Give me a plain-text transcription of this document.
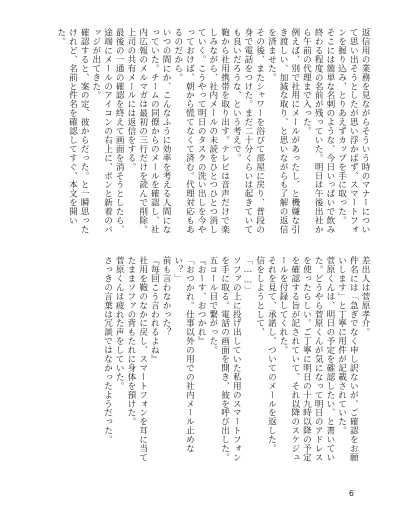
返信用の業務を見ながらそういう時のマナーについて思い出そうとしたが思い浮かばず、スマートフォンを握り込み、とりあえずカップを手に取った。
そこには簡単な名刺のような、今日いっぱいで飲み終わる程度の名前が残っていた。明日は午後出社から午前の代理まで入った。
例えば、別で社用にメールがあったし、と機嫌な引き渡しい、加減な取り、と思いながらも了解の返信を済ませた。
その後、またシャワーを浴びて部屋に戻り、普段の身で電話をつけた。まだ二十分くらいは起きていても良いだろうな、という考えで。
鞄から社用携帯を取り出す。テレビは音声だけで楽しみながら、社内メールの未読をひとつひとつ消していく。こうやって明日のタスクの洗い出しを今やっておけば、朝から慌てなくて済む。代理対応もあるのだから。
いつの間にか、こんなふうに効率を考える人間になっていた。チームの同僚からのメールを確認し、社内広報のメルマガは最初の三行だけを読んで削除。上司の共有メールには返信をする。
最後の一通の確認を終えて画面を消そうとしたら、途端にメールのアイコンの右上に、ポンと新着のバッジが出てきた。
確認すると、案の定、彼からだった。と一瞬思ったけれど、名前と件名を確認してすぐ、本文を開いた。
差出人は菅原孝介。
件名には「急ぎでなく申し訳ないが、ご確認をお願いします」と丁寧に用件が記載されていた。
菅原くんは、明日の予定を確認したい、と書いていた。どうやら菅原くんが気になって明日のアドレスを使ったらしい。ご丁寧に明日の十九時以降の予定を確認する旨が記されていて、それ以降のスケジュールを付録してくれた。
それを見て、承諾し、ついてのメールを返した。
信をしようとして、
「……」
ソファの上に投げ出していた私用のスマートフォンを手に取る。電話の画面を開き、彼を呼び出した。五コール目で繋がった。
『おーす、おつかれ』
「おつかれ。仕事以外の用での社内メール止めない？」
前も言わなかった？
『毎回こう言われるよね』
社用を鞄のなかに戻し、スマートフォンを耳に当てたままソファの背もたれに身体を預けた。
菅原くんは疲れた声をしていた。
さっきの言葉は冗談ではなかったようだった。
6
